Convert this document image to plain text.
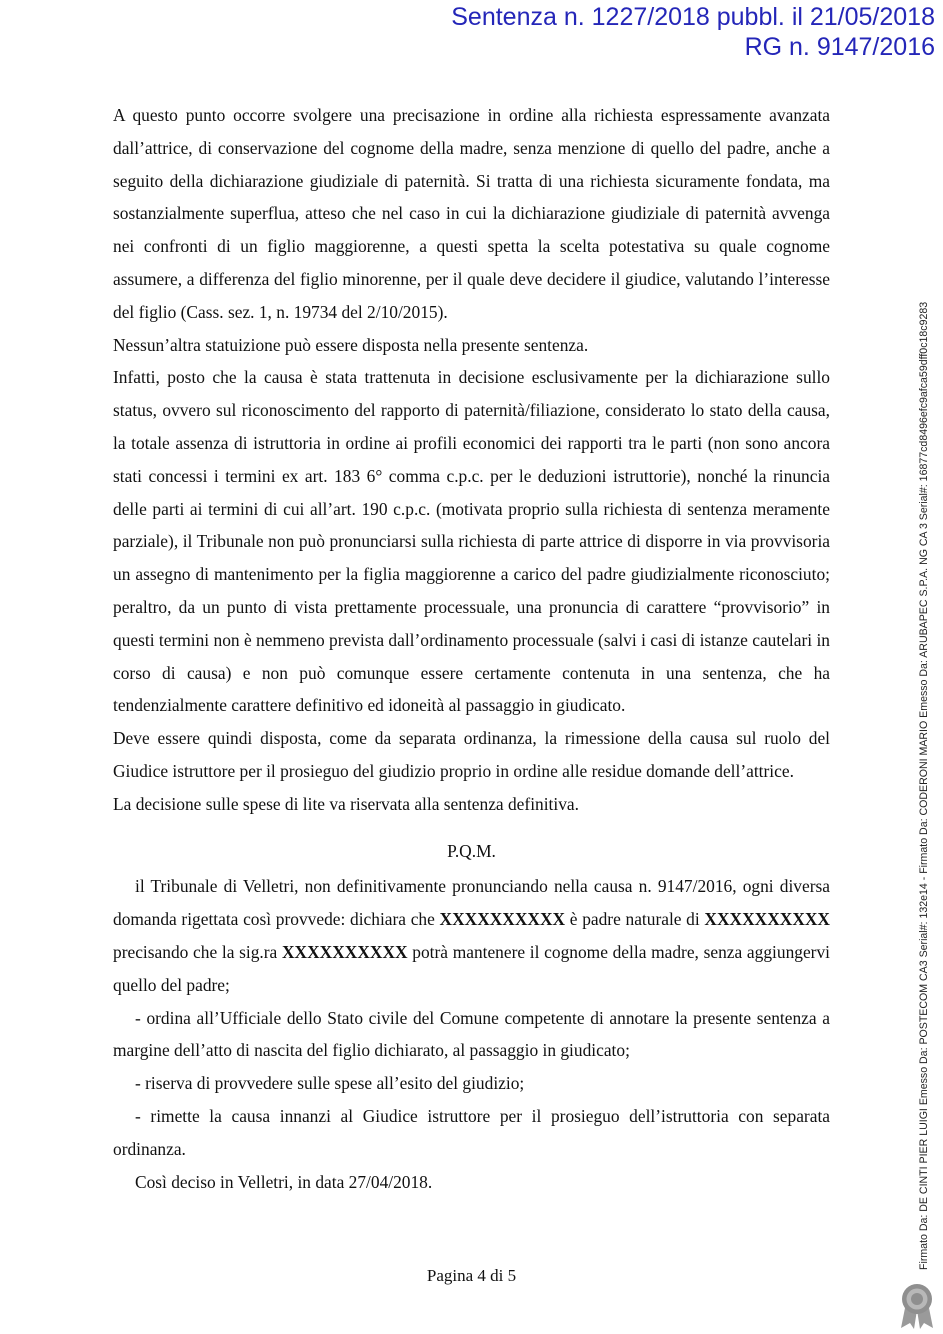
Sentenza n. 1227/2018 pubbl. il 21/05/2018
RG n. 9147/2016

A questo punto occorre svolgere una precisazione in ordine alla richiesta espressamente avanzata dall’attrice, di conservazione del cognome della madre, senza menzione di quello del padre, anche a seguito della dichiarazione giudiziale di paternità. Si tratta di una richiesta sicuramente fondata, ma sostanzialmente superflua, atteso che nel caso in cui la dichiarazione giudiziale di paternità avvenga nei confronti di un figlio maggiorenne, a questi spetta la scelta potestativa su quale cognome assumere, a differenza del figlio minorenne, per il quale deve decidere il giudice, valutando l’interesse del figlio (Cass. sez. 1, n. 19734 del 2/10/2015).

Nessun’altra statuizione può essere disposta nella presente sentenza.

Infatti, posto che la causa è stata trattenuta in decisione esclusivamente per la dichiarazione sullo status, ovvero sul riconoscimento del rapporto di paternità/filiazione, considerato lo stato della causa, la totale assenza di istruttoria in ordine ai profili economici dei rapporti tra le parti (non sono ancora stati concessi i termini ex art. 183 6° comma c.p.c. per le deduzioni istruttorie), nonché la rinuncia delle parti ai termini di cui all’art. 190 c.p.c. (motivata proprio sulla richiesta di sentenza meramente parziale), il Tribunale non può pronunciarsi sulla richiesta di parte attrice di disporre in via provvisoria un assegno di mantenimento per la figlia maggiorenne a carico del padre giudizialmente riconosciuto; peraltro, da un punto di vista prettamente processuale, una pronuncia di carattere “provvisorio” in questi termini non è nemmeno prevista dall’ordinamento processuale (salvi i casi di istanze cautelari in corso di causa) e non può comunque essere certamente contenuta in una sentenza, che ha tendenzialmente carattere definitivo ed idoneità al passaggio in giudicato.

Deve essere quindi disposta, come da separata ordinanza, la rimessione della causa sul ruolo del Giudice istruttore per il prosieguo del giudizio proprio in ordine alle residue domande dell’attrice.

La decisione sulle spese di lite va riservata alla sentenza definitiva.

P.Q.M.

il Tribunale di Velletri, non definitivamente pronunciando nella causa n. 9147/2016, ogni diversa domanda rigettata così provvede: dichiara che XXXXXXXXXX è padre naturale di XXXXXXXXXX precisando che la sig.ra XXXXXXXXXX potrà mantenere il cognome della madre, senza aggiungervi quello del padre;

- ordina all’Ufficiale dello Stato civile del Comune competente di annotare la presente sentenza a margine dell’atto di nascita del figlio dichiarato, al passaggio in giudicato;

- riserva di provvedere sulle spese all’esito del giudizio;

- rimette la causa innanzi al Giudice istruttore per il prosieguo dell’istruttoria con separata ordinanza.

Così deciso in Velletri, in data 27/04/2018.

Pagina 4 di 5
Firmato Da: DE CINTI PIER LUIGI Emesso Da: POSTECOM CA3 Serial#: 132e14 - Firmato Da: CODERONI MARIO Emesso Da: ARUBAPEC S.P.A. NG CA 3 Serial#: 16877cd8496efc9afca59dff0c18c9283
